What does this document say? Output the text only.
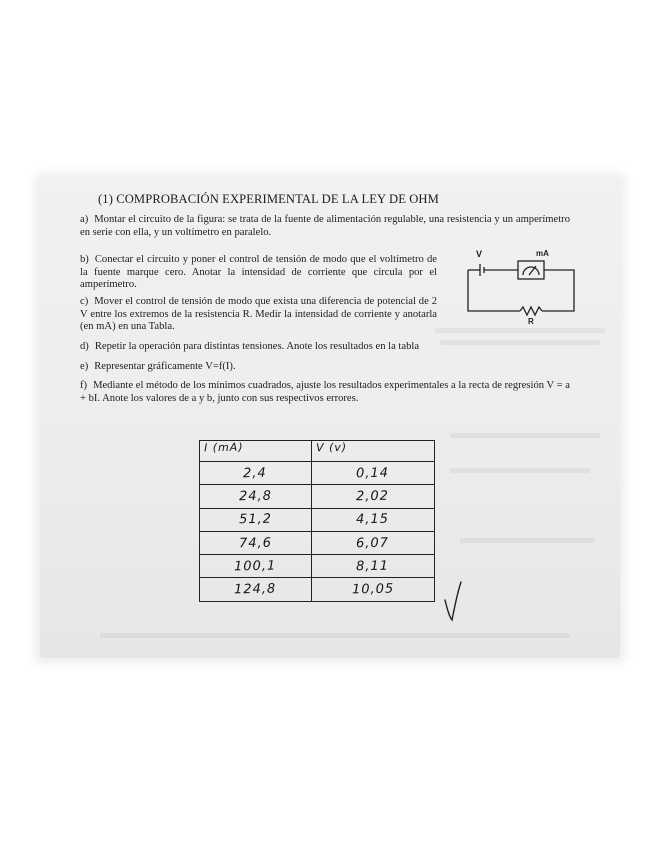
(1) COMPROBACIÓN EXPERIMENTAL DE LA LEY DE OHM
a) Montar el circuito de la figura: se trata de la fuente de alimentación regulable, una resistencia y un amperímetro en serie con ella, y un voltímetro en paralelo.
b) Conectar el circuito y poner el control de tensión de modo que el voltímetro de la fuente marque cero. Anotar la intensidad de corriente que circula por el amperímetro.
c) Mover el control de tensión de modo que exista una diferencia de potencial de 2 V entre los extremos de la resistencia R. Medir la intensidad de corriente y anotarla (en mA) en una Tabla.
d) Repetir la operación para distintas tensiones. Anote los resultados en la tabla
e) Representar gráficamente V=f(I).
f) Mediante el método de los mínimos cuadrados, ajuste los resultados experimentales a la recta de regresión V = a + bI. Anote los valores de a y b, junto con sus respectivos errores.
V	mA
R
I (mA)	V (v)
2,4	0,14
24,8	2,02
51,2	4,15
74,6	6,07
100,1	8,11
124,8	10,05
